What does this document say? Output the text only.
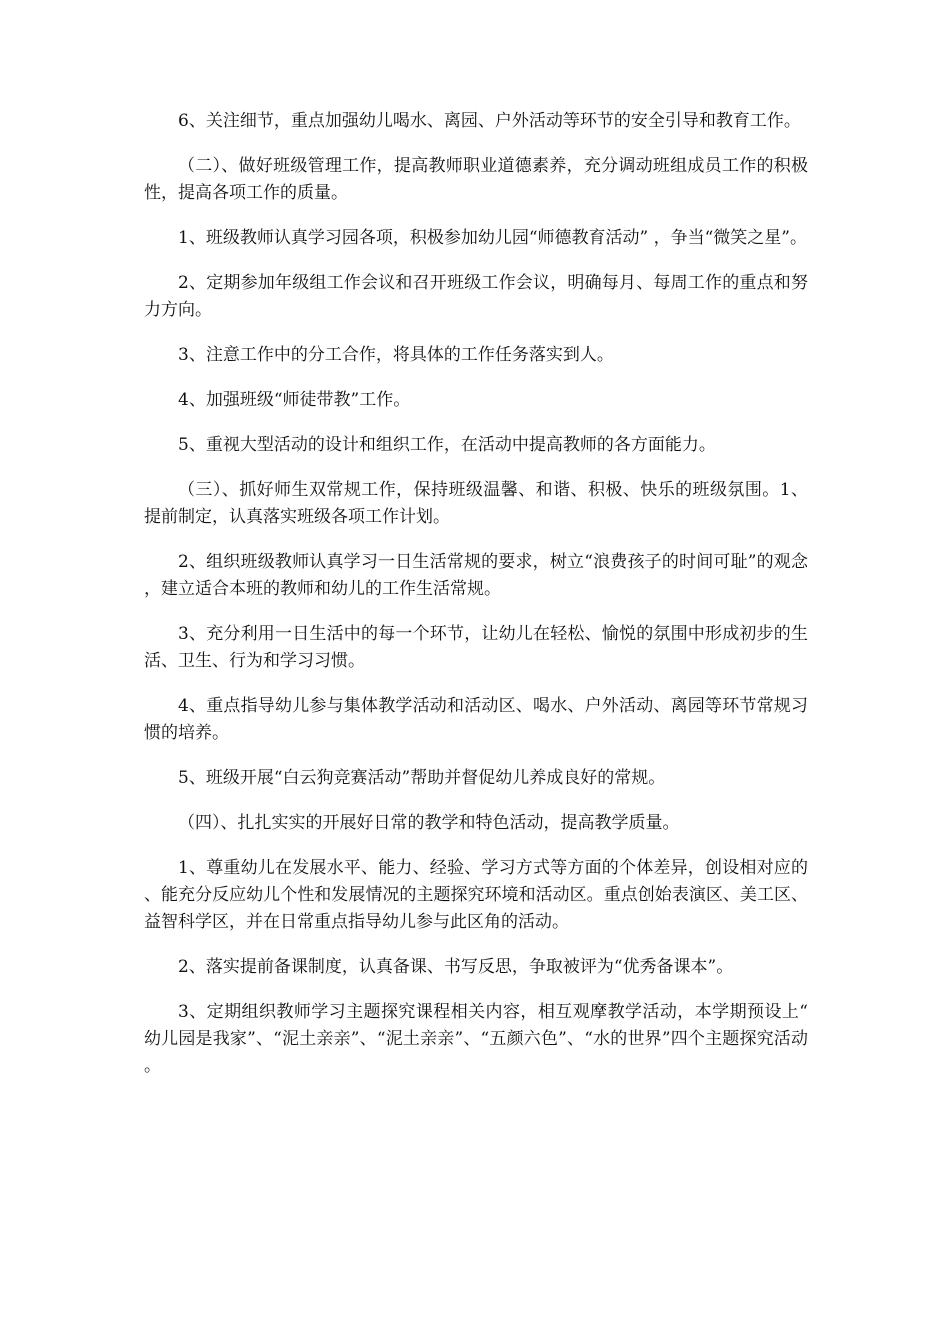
6、关注细节，重点加强幼儿喝水、离园、户外活动等环节的安全引导和教育工作。

（二）、做好班级管理工作，提高教师职业道德素养，充分调动班组成员工作的积极性，提高各项工作的质量。

1、班级教师认真学习园各项，积极参加幼儿园“师德教育活动” ，争当“微笑之星”。

2、定期参加年级组工作会议和召开班级工作会议，明确每月、每周工作的重点和努力方向。

3、注意工作中的分工合作，将具体的工作任务落实到人。

4、加强班级“师徒带教”工作。

5、重视大型活动的设计和组织工作，在活动中提高教师的各方面能力。

（三）、抓好师生双常规工作，保持班级温馨、和谐、积极、快乐的班级氛围。1、提前制定，认真落实班级各项工作计划。

2、组织班级教师认真学习一日生活常规的要求，树立“浪费孩子的时间可耻”的观念，建立适合本班的教师和幼儿的工作生活常规。

3、充分利用一日生活中的每一个环节，让幼儿在轻松、愉悦的氛围中形成初步的生活、卫生、行为和学习习惯。

4、重点指导幼儿参与集体教学活动和活动区、喝水、户外活动、离园等环节常规习惯的培养。

5、班级开展“白云狗竞赛活动”帮助并督促幼儿养成良好的常规。

（四）、扎扎实实的开展好日常的教学和特色活动，提高教学质量。

1、尊重幼儿在发展水平、能力、经验、学习方式等方面的个体差异，创设相对应的、能充分反应幼儿个性和发展情况的主题探究环境和活动区。重点创始表演区、美工区、益智科学区，并在日常重点指导幼儿参与此区角的活动。

2、落实提前备课制度，认真备课、书写反思，争取被评为“优秀备课本”。

3、定期组织教师学习主题探究课程相关内容，相互观摩教学活动，本学期预设上“幼儿园是我家”、“泥土亲亲”、“泥土亲亲”、“五颜六色”、“水的世界”四个主题探究活动。
